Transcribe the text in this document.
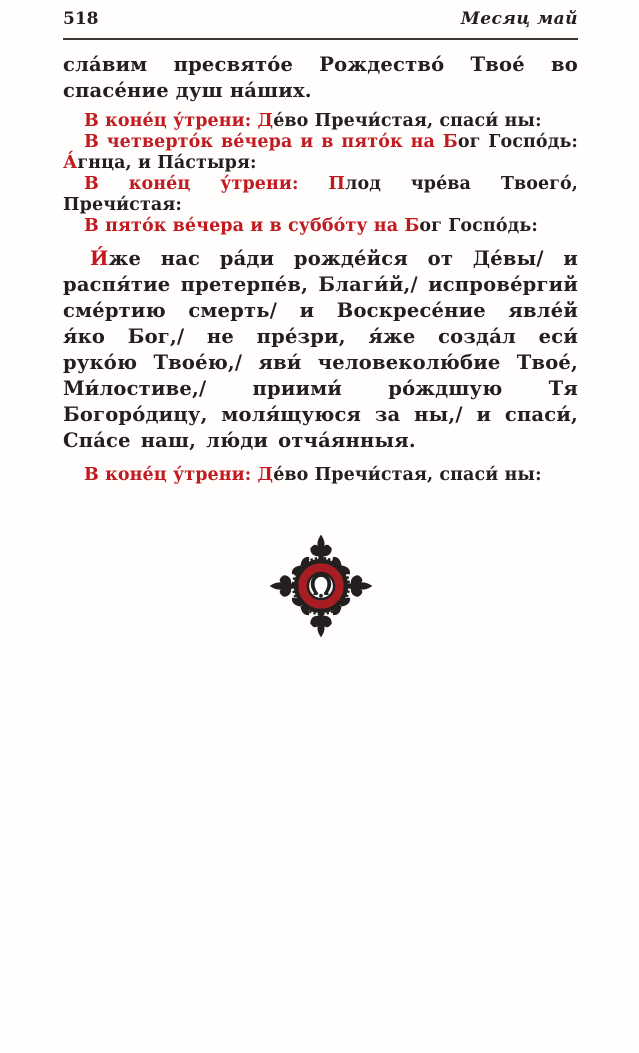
518	Месяц май

сла́вим пресвято́е Рождество́ Твое́ во спасе́ние душ на́ших.

В коне́ц у́трени: Де́во Пречи́стая, спаси́ ны:

В четверто́к ве́чера и в пято́к на Бог Госпо́дь: А́гнца, и Па́стыря:

В коне́ц у́трени: Плод чре́ва Твоего́, Пречи́стая:

В пято́к ве́чера и в суббо́ту на Бог Госпо́дь:

И́же нас ра́ди рожде́йся от Де́вы/ и распя́тие претерпе́в, Благи́й,/ испрове́ргий сме́ртию смерть/ и Воскресе́ние явле́й я́ко Бог,/ не пре́зри, я́же созда́л еси́ руко́ю Твое́ю,/ яви́ человеколю́бие Твое́, Ми́лостиве,/ приими́ ро́ждшую Тя Богоро́дицу, моля́щуюся за ны,/ и спаси́, Спа́се наш, лю́ди отча́янныя.

В коне́ц у́трени: Де́во Пречи́стая, спаси́ ны:
